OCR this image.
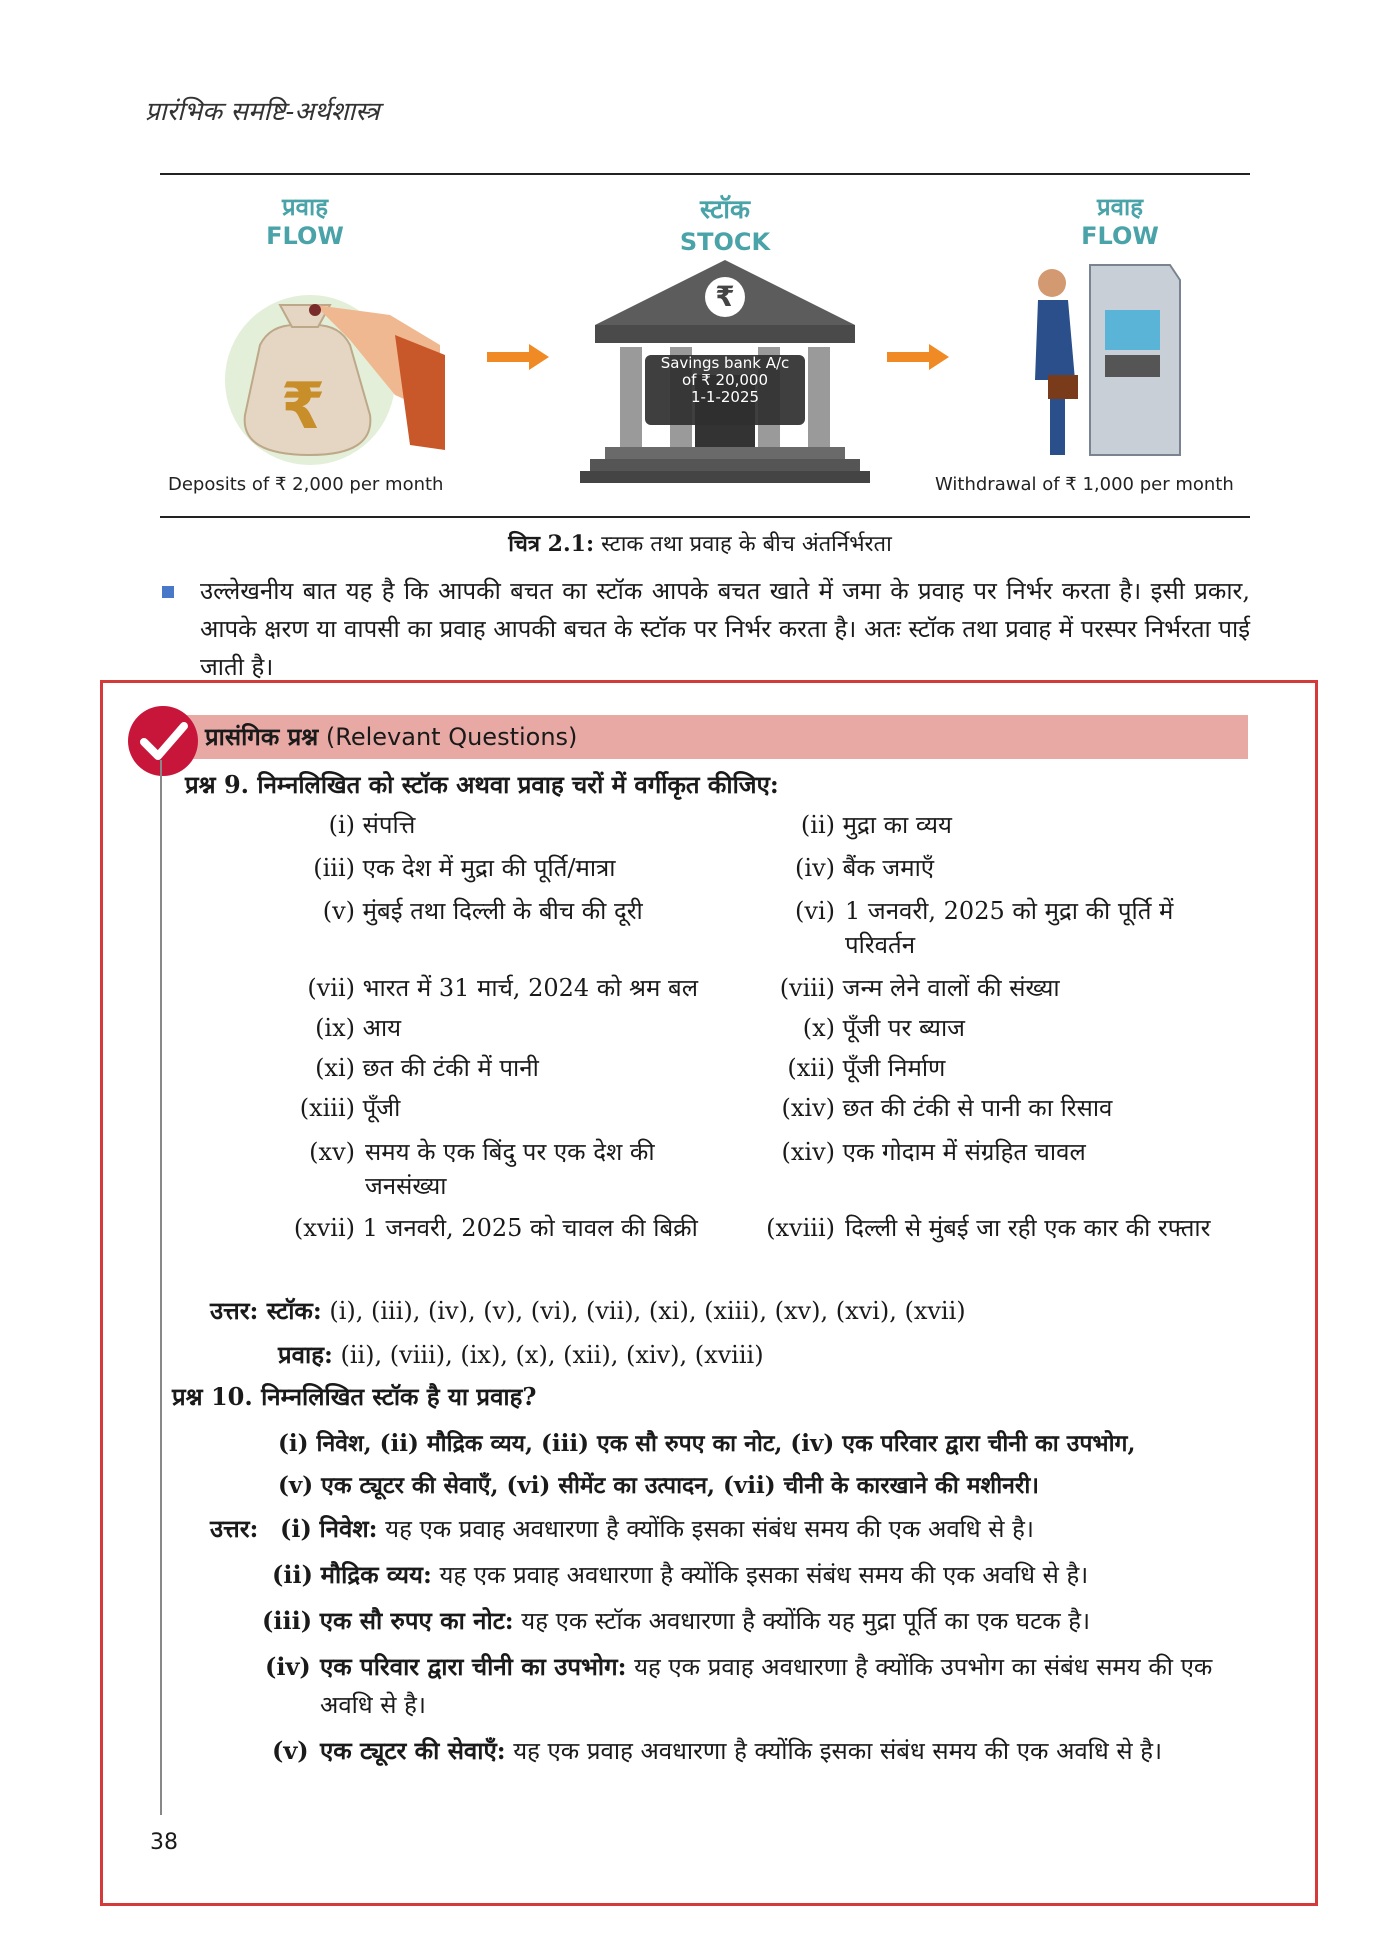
प्रारंभिक समष्टि-अर्थशास्त्र
प्रवाह
FLOW
स्टॉक
STOCK
प्रवाह
FLOW
₹
Deposits of ₹ 2,000 per month
₹
Savings bank A/c
of ₹ 20,000
1-1-2025
Withdrawal of ₹ 1,000 per month
चित्र 2.1: स्टाक तथा प्रवाह के बीच अंतर्निर्भरता
उल्लेखनीय बात यह है कि आपकी बचत का स्टॉक आपके बचत खाते में जमा के प्रवाह पर निर्भर करता है। इसी प्रकार, आपके क्षरण या वापसी का प्रवाह आपकी बचत के स्टॉक पर निर्भर करता है। अतः स्टॉक तथा प्रवाह में परस्पर निर्भरता पाई जाती है।
प्रासंगिक प्रश्न (Relevant Questions)
प्रश्न 9. निम्नलिखित को स्टॉक अथवा प्रवाह चरों में वर्गीकृत कीजिए:
(i) संपत्ति
(iii) एक देश में मुद्रा की पूर्ति/मात्रा
(v) मुंबई तथा दिल्ली के बीच की दूरी
(vii) भारत में 31 मार्च, 2024 को श्रम बल
(ix) आय
(xi) छत की टंकी में पानी
(xiii) पूँजी
(xv) समय के एक बिंदु पर एक देश की जनसंख्या
(xvii) 1 जनवरी, 2025 को चावल की बिक्री
(ii) मुद्रा का व्यय
(iv) बैंक जमाएँ
(vi) 1 जनवरी, 2025 को मुद्रा की पूर्ति में परिवर्तन
(viii) जन्म लेने वालों की संख्या
(x) पूँजी पर ब्याज
(xii) पूँजी निर्माण
(xiv) छत की टंकी से पानी का रिसाव
(xiv) एक गोदाम में संग्रहित चावल
(xviii) दिल्ली से मुंबई जा रही एक कार की रफ्तार
उत्तर: स्टॉक: (i), (iii), (iv), (v), (vi), (vii), (xi), (xiii), (xv), (xvi), (xvii)
प्रवाह: (ii), (viii), (ix), (x), (xii), (xiv), (xviii)
प्रश्न 10. निम्नलिखित स्टॉक है या प्रवाह?
(i) निवेश, (ii) मौद्रिक व्यय, (iii) एक सौ रुपए का नोट, (iv) एक परिवार द्वारा चीनी का उपभोग,
(v) एक ट्यूटर की सेवाएँ, (vi) सीमेंट का उत्पादन, (vii) चीनी के कारखाने की मशीनरी।
उत्तर: (i) निवेश: यह एक प्रवाह अवधारणा है क्योंकि इसका संबंध समय की एक अवधि से है।
(ii) मौद्रिक व्यय: यह एक प्रवाह अवधारणा है क्योंकि इसका संबंध समय की एक अवधि से है।
(iii) एक सौ रुपए का नोट: यह एक स्टॉक अवधारणा है क्योंकि यह मुद्रा पूर्ति का एक घटक है।
(iv) एक परिवार द्वारा चीनी का उपभोग: यह एक प्रवाह अवधारणा है क्योंकि उपभोग का संबंध समय की एक अवधि से है।
(v) एक ट्यूटर की सेवाएँ: यह एक प्रवाह अवधारणा है क्योंकि इसका संबंध समय की एक अवधि से है।
38
